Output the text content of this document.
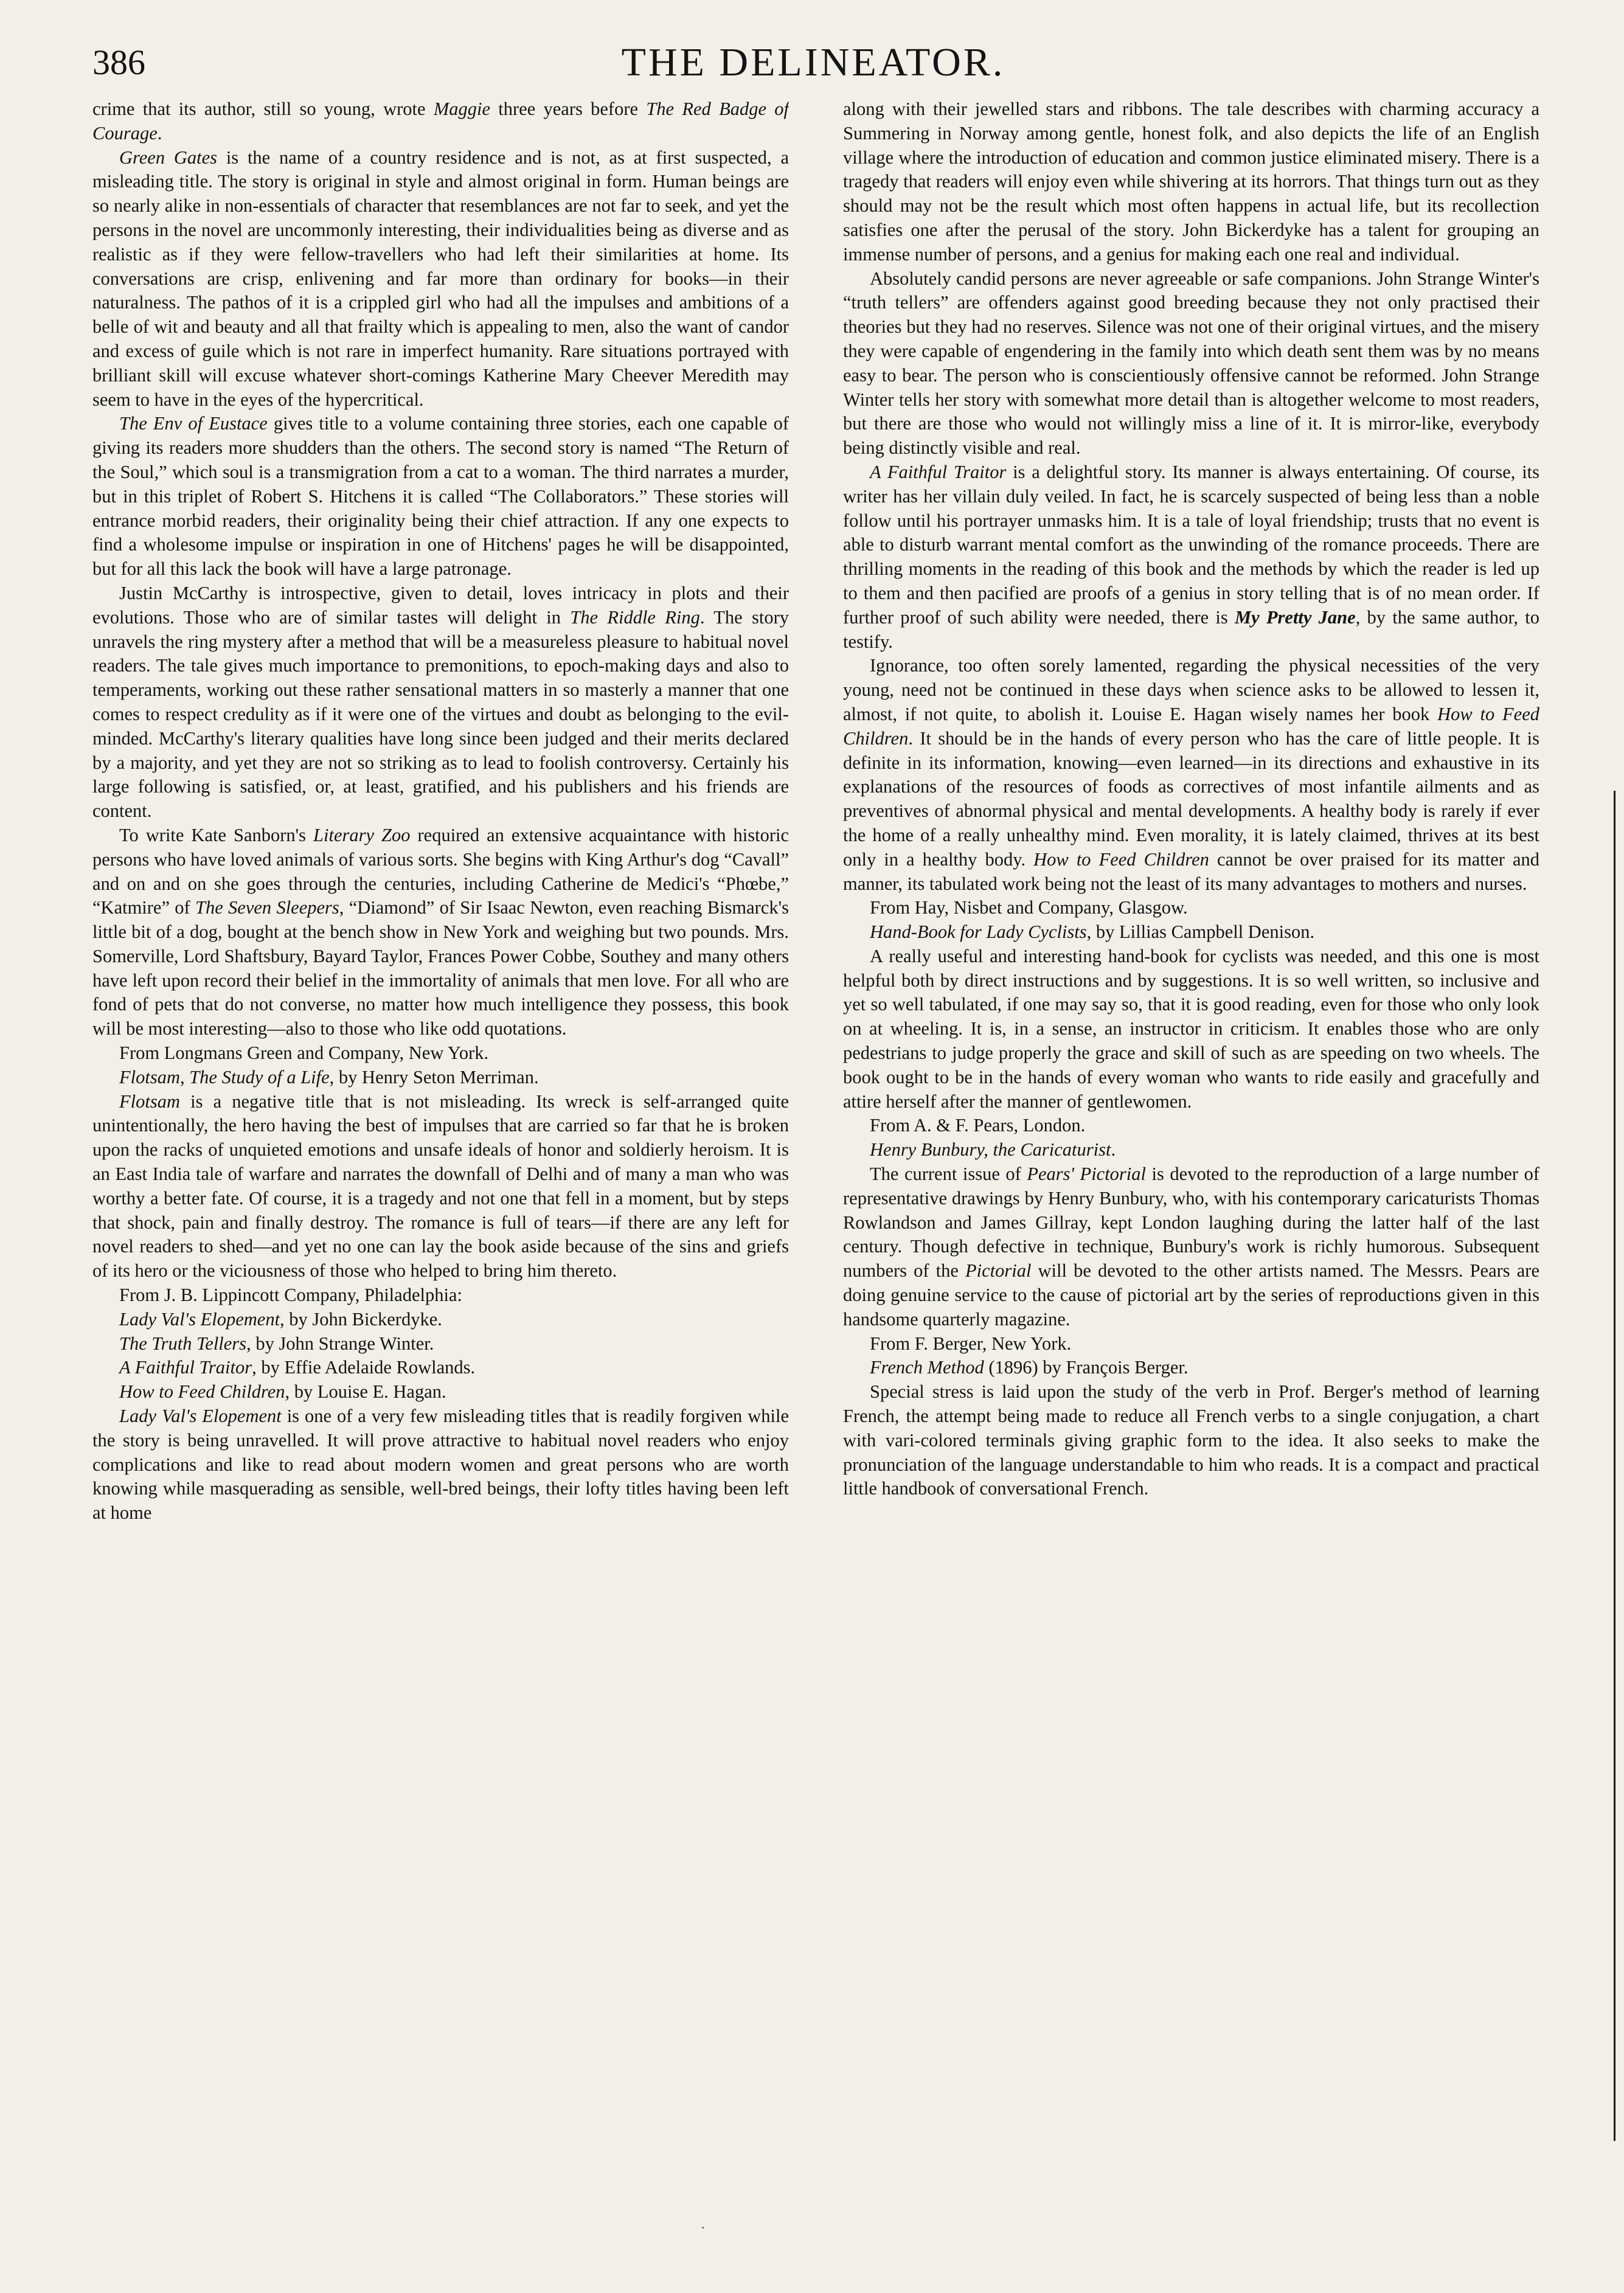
386	THE DELINEATOR.

crime that its author, still so young, wrote Maggie three years before The Red Badge of Courage.

Green Gates is the name of a country residence and is not, as at first suspected, a misleading title. The story is original in style and almost original in form. Human beings are so nearly alike in non-essentials of character that resemblances are not far to seek, and yet the persons in the novel are uncommonly interesting, their individualities being as diverse and as realistic as if they were fellow-travellers who had left their similarities at home. Its conversations are crisp, enlivening and far more than ordinary for books—in their naturalness. The pathos of it is a crippled girl who had all the impulses and ambitions of a belle of wit and beauty and all that frailty which is appealing to men, also the want of candor and excess of guile which is not rare in imperfect humanity. Rare situations portrayed with brilliant skill will excuse whatever short-comings Katherine Mary Cheever Meredith may seem to have in the eyes of the hypercritical.

The Env of Eustace gives title to a volume containing three stories, each one capable of giving its readers more shudders than the others. The second story is named “The Return of the Soul,” which soul is a transmigration from a cat to a woman. The third narrates a murder, but in this triplet of Robert S. Hitchens it is called “The Collaborators.” These stories will entrance morbid readers, their originality being their chief attraction. If any one expects to find a wholesome impulse or inspiration in one of Hitchens' pages he will be disappointed, but for all this lack the book will have a large patronage.

Justin McCarthy is introspective, given to detail, loves intricacy in plots and their evolutions. Those who are of similar tastes will delight in The Riddle Ring. The story unravels the ring mystery after a method that will be a measureless pleasure to habitual novel readers. The tale gives much importance to premonitions, to epoch-making days and also to temperaments, working out these rather sensational matters in so masterly a manner that one comes to respect credulity as if it were one of the virtues and doubt as belonging to the evil-minded. McCarthy's literary qualities have long since been judged and their merits declared by a majority, and yet they are not so striking as to lead to foolish controversy. Certainly his large following is satisfied, or, at least, gratified, and his publishers and his friends are content.

To write Kate Sanborn's Literary Zoo required an extensive acquaintance with historic persons who have loved animals of various sorts. She begins with King Arthur's dog “Cavall” and on and on she goes through the centuries, including Catherine de Medici's “Phœbe,” “Katmire” of The Seven Sleepers, “Diamond” of Sir Isaac Newton, even reaching Bismarck's little bit of a dog, bought at the bench show in New York and weighing but two pounds. Mrs. Somerville, Lord Shaftsbury, Bayard Taylor, Frances Power Cobbe, Southey and many others have left upon record their belief in the immortality of animals that men love. For all who are fond of pets that do not converse, no matter how much intelligence they possess, this book will be most interesting—also to those who like odd quotations.

From Longmans Green and Company, New York.

Flotsam, The Study of a Life, by Henry Seton Merriman.

Flotsam is a negative title that is not misleading. Its wreck is self-arranged quite unintentionally, the hero having the best of impulses that are carried so far that he is broken upon the racks of unquieted emotions and unsafe ideals of honor and soldierly heroism. It is an East India tale of warfare and narrates the downfall of Delhi and of many a man who was worthy a better fate. Of course, it is a tragedy and not one that fell in a moment, but by steps that shock, pain and finally destroy. The romance is full of tears—if there are any left for novel readers to shed—and yet no one can lay the book aside because of the sins and griefs of its hero or the viciousness of those who helped to bring him thereto.

From J. B. Lippincott Company, Philadelphia:

Lady Val's Elopement, by John Bickerdyke.

The Truth Tellers, by John Strange Winter.

A Faithful Traitor, by Effie Adelaide Rowlands.

How to Feed Children, by Louise E. Hagan.

Lady Val's Elopement is one of a very few misleading titles that is readily forgiven while the story is being unravelled. It will prove attractive to habitual novel readers who enjoy complications and like to read about modern women and great persons who are worth knowing while masquerading as sensible, well-bred beings, their lofty titles having been left at home

along with their jewelled stars and ribbons. The tale describes with charming accuracy a Summering in Norway among gentle, honest folk, and also depicts the life of an English village where the introduction of education and common justice eliminated misery. There is a tragedy that readers will enjoy even while shivering at its horrors. That things turn out as they should may not be the result which most often happens in actual life, but its recollection satisfies one after the perusal of the story. John Bickerdyke has a talent for grouping an immense number of persons, and a genius for making each one real and individual.

Absolutely candid persons are never agreeable or safe companions. John Strange Winter's “truth tellers” are offenders against good breeding because they not only practised their theories but they had no reserves. Silence was not one of their original virtues, and the misery they were capable of engendering in the family into which death sent them was by no means easy to bear. The person who is conscientiously offensive cannot be reformed. John Strange Winter tells her story with somewhat more detail than is altogether welcome to most readers, but there are those who would not willingly miss a line of it. It is mirror-like, everybody being distinctly visible and real.

A Faithful Traitor is a delightful story. Its manner is always entertaining. Of course, its writer has her villain duly veiled. In fact, he is scarcely suspected of being less than a noble follow until his portrayer unmasks him. It is a tale of loyal friendship; trusts that no event is able to disturb warrant mental comfort as the unwinding of the romance proceeds. There are thrilling moments in the reading of this book and the methods by which the reader is led up to them and then pacified are proofs of a genius in story telling that is of no mean order. If further proof of such ability were needed, there is My Pretty Jane, by the same author, to testify.

Ignorance, too often sorely lamented, regarding the physical necessities of the very young, need not be continued in these days when science asks to be allowed to lessen it, almost, if not quite, to abolish it. Louise E. Hagan wisely names her book How to Feed Children. It should be in the hands of every person who has the care of little people. It is definite in its information, knowing—even learned—in its directions and exhaustive in its explanations of the resources of foods as correctives of most infantile ailments and as preventives of abnormal physical and mental developments. A healthy body is rarely if ever the home of a really unhealthy mind. Even morality, it is lately claimed, thrives at its best only in a healthy body. How to Feed Children cannot be over praised for its matter and manner, its tabulated work being not the least of its many advantages to mothers and nurses.

From Hay, Nisbet and Company, Glasgow.

Hand-Book for Lady Cyclists, by Lillias Campbell Denison.

A really useful and interesting hand-book for cyclists was needed, and this one is most helpful both by direct instructions and by suggestions. It is so well written, so inclusive and yet so well tabulated, if one may say so, that it is good reading, even for those who only look on at wheeling. It is, in a sense, an instructor in criticism. It enables those who are only pedestrians to judge properly the grace and skill of such as are speeding on two wheels. The book ought to be in the hands of every woman who wants to ride easily and gracefully and attire herself after the manner of gentlewomen.

From A. & F. Pears, London.

Henry Bunbury, the Caricaturist.

The current issue of Pears' Pictorial is devoted to the reproduction of a large number of representative drawings by Henry Bunbury, who, with his contemporary caricaturists Thomas Rowlandson and James Gillray, kept London laughing during the latter half of the last century. Though defective in technique, Bunbury's work is richly humorous. Subsequent numbers of the Pictorial will be devoted to the other artists named. The Messrs. Pears are doing genuine service to the cause of pictorial art by the series of reproductions given in this handsome quarterly magazine.

From F. Berger, New York.

French Method (1896) by François Berger.

Special stress is laid upon the study of the verb in Prof. Berger's method of learning French, the attempt being made to reduce all French verbs to a single conjugation, a chart with vari-colored terminals giving graphic form to the idea. It also seeks to make the pronunciation of the language understandable to him who reads. It is a compact and practical little handbook of conversational French.

·
